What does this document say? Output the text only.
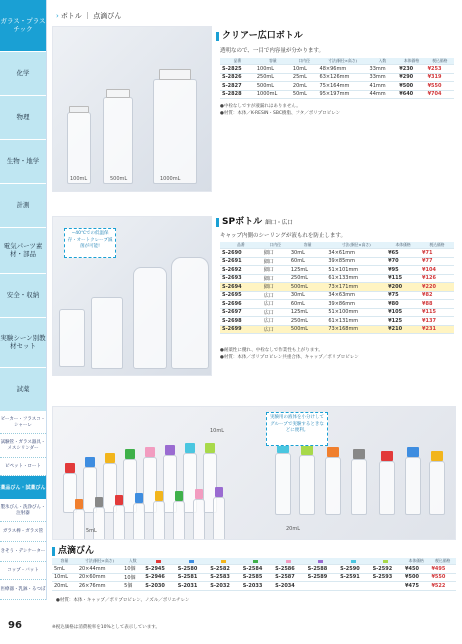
ガラス・プラスチック
化学
物理
生物・地学
計測
電気パーツ素材・部品
安全・収納
実験シーン別教材セット
試薬
ビーカー・フラスコ・シャーレ
試験管・ガラス器具・メスシリンダー
ピペット・ロート
薬品びん・試薬びん
製氷びん・洗浄びん・注射器
ガラス棒・ガラス管
きそう・デシケーター
コップ・バット
医療器・乳鉢・るつぼ
› ボトル ｜ 点滴びん
100mL	500mL	1000mL
クリアー広口ボトル
透明なので、一目で内容量が分かります。
品番	容量	口内径	寸法(胴径×高さ)	入数	本体価格	税込価格
S-2825	100mL	10mL	48×96mm	33mm	¥230	¥253
S-2826	250mL	25mL	63×126mm	33mm	¥290	¥319
S-2827	500mL	20mL	75×164mm	41mm	¥500	¥550
S-2828	1000mL	50mL	95×197mm	44mm	¥640	¥704
●中栓なしですが液漏れはありません。
●材質：本体／K-RESIN・SBC樹脂、フタ／ポリプロピレン
−40℃での低温保存・オートクレーブ滅菌が可能!
SPボトル 細口・広口
キャップ内側のシーリングが液もれを防止します。
品番	口内径	容量	寸法(胴径×高さ)	本体価格	税込価格
S-2690	細口	30mL	34×61mm	¥65	¥71
S-2691	細口	60mL	39×85mm	¥70	¥77
S-2692	細口	125mL	51×101mm	¥95	¥104
S-2693	細口	250mL	61×133mm	¥115	¥126
S-2694	細口	500mL	73×171mm	¥200	¥220
S-2695	広口	30mL	34×63mm	¥75	¥82
S-2696	広口	60mL	39×86mm	¥80	¥88
S-2697	広口	125mL	51×100mm	¥105	¥115
S-2698	広口	250mL	61×131mm	¥125	¥137
S-2699	広口	500mL	73×168mm	¥210	¥231
●耐薬性に優れ、中栓なしで作業性も上がります。
●材質：本体／ポリプロピレン共重合体、キャップ／ポリプロピレン
実験用の液体を小分けしてグループで実験するときなどに便利。
10mL
5mL	20mL
点滴びん
容量	寸法(胴径×高さ)	入数									本体価格	税込価格
5mL	20×44mm	10個	S-2945	S-2580	S-2582	S-2584	S-2586	S-2588	S-2590	S-2592	¥450	¥495
10mL	20×60mm	10個	S-2946	S-2581	S-2583	S-2585	S-2587	S-2589	S-2591	S-2593	¥500	¥550
20mL	26×76mm	5個	S-2030	S-2031	S-2032	S-2033	S-2034				¥475	¥522
●材質：本体・キャップ／ポリプロピレン、ノズル／ポリエチレン
96	※税込価格は消費税率を10%として表示しています。
